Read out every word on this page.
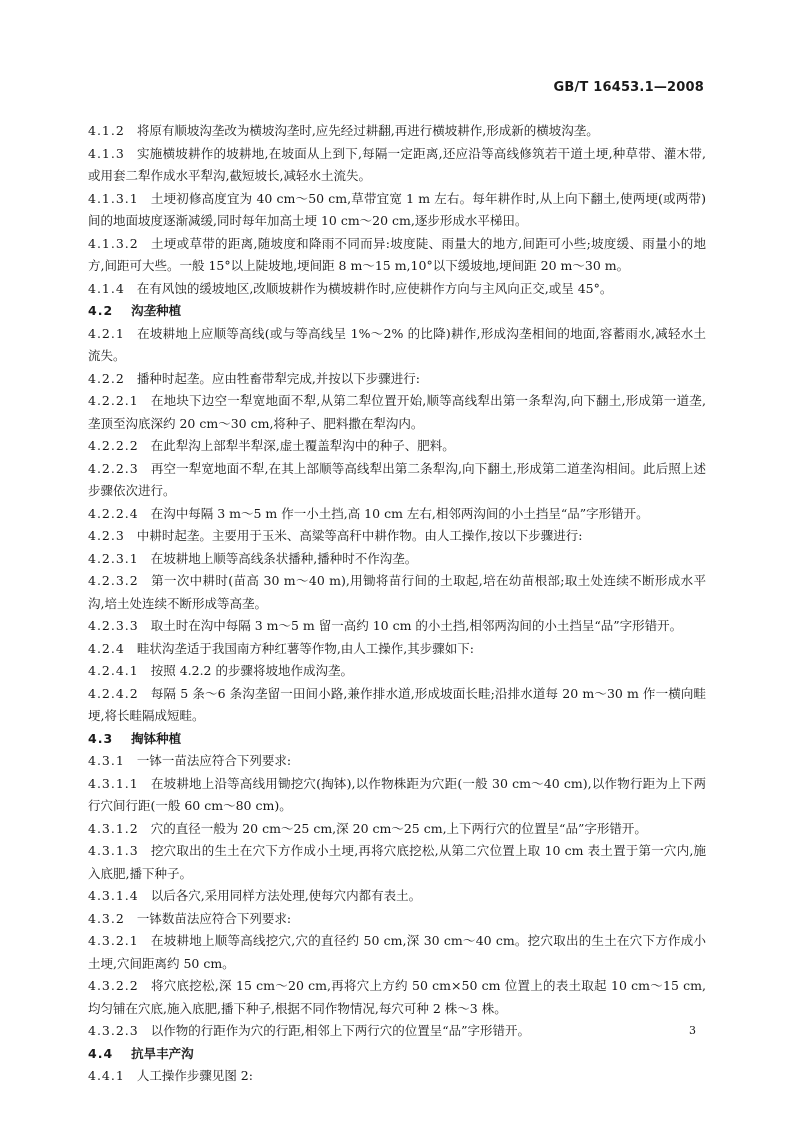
GB/T 16453.1—2008
4.1.2 将原有顺坡沟垄改为横坡沟垄时,应先经过耕翻,再进行横坡耕作,形成新的横坡沟垄。
4.1.3 实施横坡耕作的坡耕地,在坡面从上到下,每隔一定距离,还应沿等高线修筑若干道土埂,种草带、灌木带,或用套二犁作成水平犁沟,截短坡长,减轻水土流失。
4.1.3.1 土埂初修高度宜为 40 cm～50 cm,草带宜宽 1 m 左右。每年耕作时,从上向下翻土,使两埂(或两带)间的地面坡度逐渐减缓,同时每年加高土埂 10 cm～20 cm,逐步形成水平梯田。
4.1.3.2 土埂或草带的距离,随坡度和降雨不同而异:坡度陡、雨量大的地方,间距可小些;坡度缓、雨量小的地方,间距可大些。一般 15°以上陡坡地,埂间距 8 m～15 m,10°以下缓坡地,埂间距 20 m～30 m。
4.1.4 在有风蚀的缓坡地区,改顺坡耕作为横坡耕作时,应使耕作方向与主风向正交,或呈 45°。
4.2 沟垄种植
4.2.1 在坡耕地上应顺等高线(或与等高线呈 1%～2% 的比降)耕作,形成沟垄相间的地面,容蓄雨水,减轻水土流失。
4.2.2 播种时起垄。应由牲畜带犁完成,并按以下步骤进行:
4.2.2.1 在地块下边空一犁宽地面不犁,从第二犁位置开始,顺等高线犁出第一条犁沟,向下翻土,形成第一道垄,垄顶至沟底深约 20 cm～30 cm,将种子、肥料撒在犁沟内。
4.2.2.2 在此犁沟上部犁半犁深,虚土覆盖犁沟中的种子、肥料。
4.2.2.3 再空一犁宽地面不犁,在其上部顺等高线犁出第二条犁沟,向下翻土,形成第二道垄沟相间。此后照上述步骤依次进行。
4.2.2.4 在沟中每隔 3 m～5 m 作一小土挡,高 10 cm 左右,相邻两沟间的小土挡呈“品”字形错开。
4.2.3 中耕时起垄。主要用于玉米、高粱等高秆中耕作物。由人工操作,按以下步骤进行:
4.2.3.1 在坡耕地上顺等高线条状播种,播种时不作沟垄。
4.2.3.2 第一次中耕时(苗高 30 m～40 m),用锄将苗行间的土取起,培在幼苗根部;取土处连续不断形成水平沟,培土处连续不断形成等高垄。
4.2.3.3 取土时在沟中每隔 3 m～5 m 留一高约 10 cm 的小土挡,相邻两沟间的小土挡呈“品”字形错开。
4.2.4 畦状沟垄适于我国南方种红薯等作物,由人工操作,其步骤如下:
4.2.4.1 按照 4.2.2 的步骤将坡地作成沟垄。
4.2.4.2 每隔 5 条～6 条沟垄留一田间小路,兼作排水道,形成坡面长畦;沿排水道每 20 m～30 m 作一横向畦埂,将长畦隔成短畦。
4.3 掏钵种植
4.3.1 一钵一苗法应符合下列要求:
4.3.1.1 在坡耕地上沿等高线用锄挖穴(掏钵),以作物株距为穴距(一般 30 cm～40 cm),以作物行距为上下两行穴间行距(一般 60 cm～80 cm)。
4.3.1.2 穴的直径一般为 20 cm～25 cm,深 20 cm～25 cm,上下两行穴的位置呈“品”字形错开。
4.3.1.3 挖穴取出的生土在穴下方作成小土埂,再将穴底挖松,从第二穴位置上取 10 cm 表土置于第一穴内,施入底肥,播下种子。
4.3.1.4 以后各穴,采用同样方法处理,使每穴内都有表土。
4.3.2 一钵数苗法应符合下列要求:
4.3.2.1 在坡耕地上顺等高线挖穴,穴的直径约 50 cm,深 30 cm～40 cm。挖穴取出的生土在穴下方作成小土埂,穴间距离约 50 cm。
4.3.2.2 将穴底挖松,深 15 cm～20 cm,再将穴上方约 50 cm×50 cm 位置上的表土取起 10 cm～15 cm,均匀铺在穴底,施入底肥,播下种子,根据不同作物情况,每穴可种 2 株～3 株。
4.3.2.3 以作物的行距作为穴的行距,相邻上下两行穴的位置呈“品”字形错开。
4.4 抗旱丰产沟
4.4.1 人工操作步骤见图 2:
3
